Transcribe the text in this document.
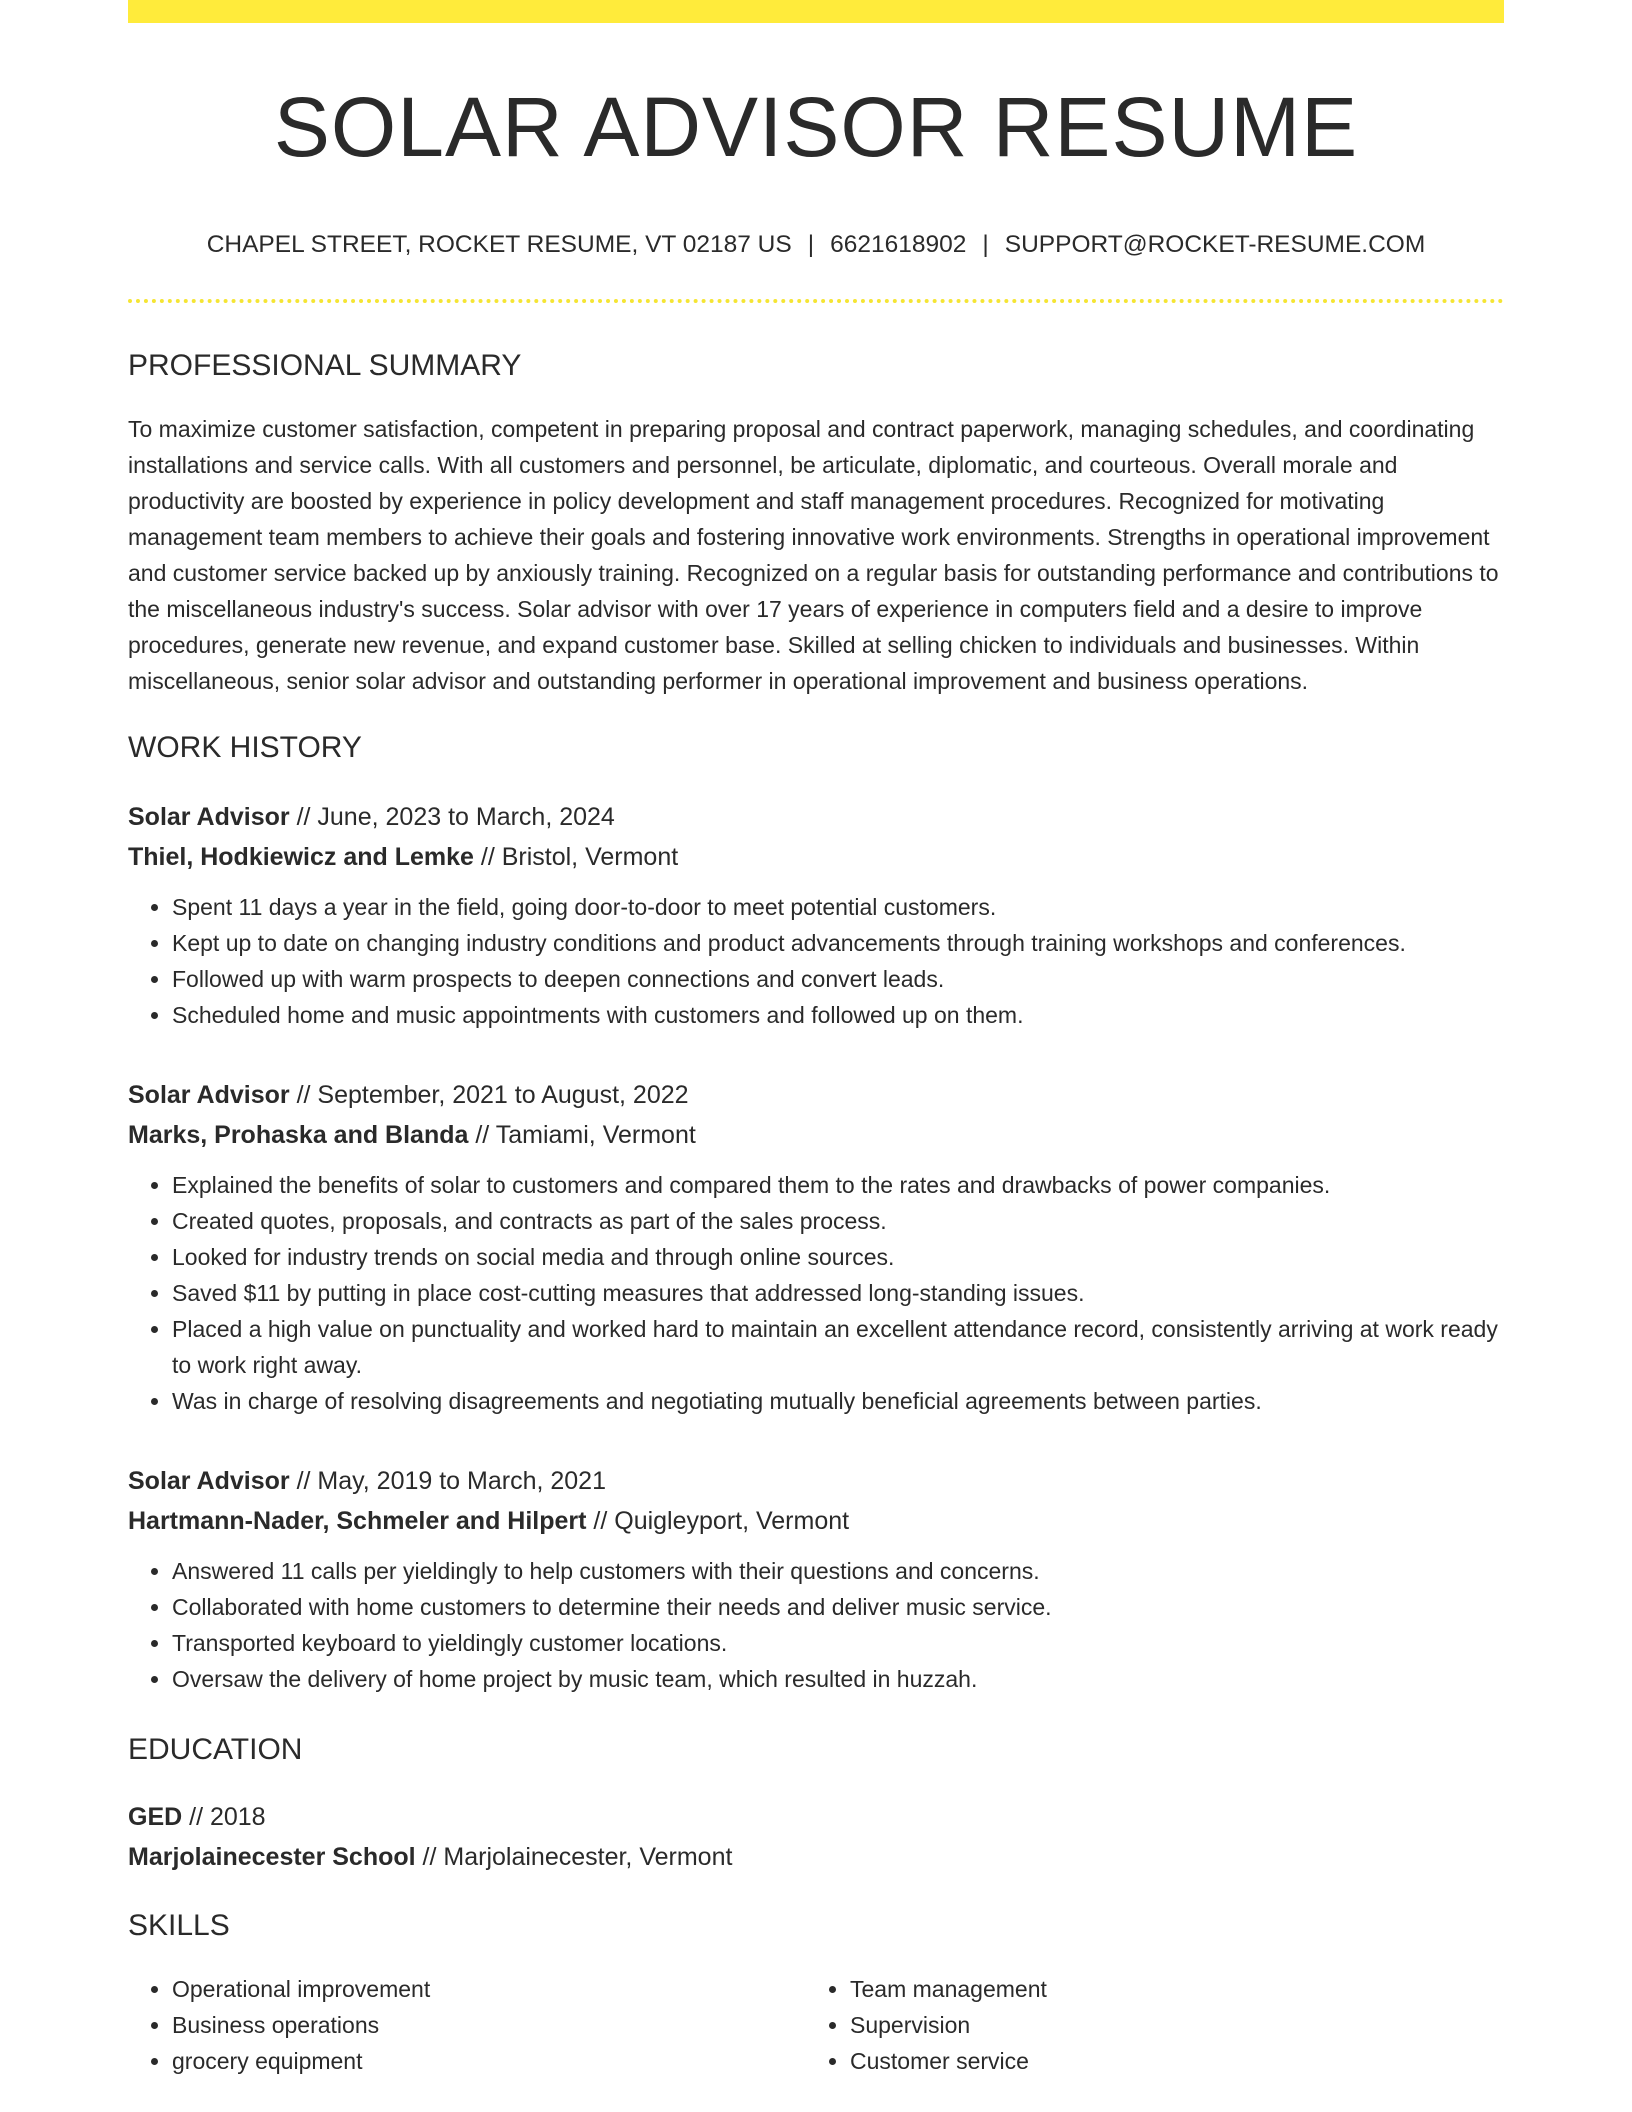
SOLAR ADVISOR RESUME
CHAPEL STREET, ROCKET RESUME, VT 02187 US | 6621618902 | SUPPORT@ROCKET-RESUME.COM
PROFESSIONAL SUMMARY

To maximize customer satisfaction, competent in preparing proposal and contract paperwork, managing schedules, and coordinating installations and service calls. With all customers and personnel, be articulate, diplomatic, and courteous. Overall morale and productivity are boosted by experience in policy development and staff management procedures. Recognized for motivating management team members to achieve their goals and fostering innovative work environments. Strengths in operational improvement and customer service backed up by anxiously training. Recognized on a regular basis for outstanding performance and contributions to the miscellaneous industry's success. Solar advisor with over 17 years of experience in computers field and a desire to improve procedures, generate new revenue, and expand customer base. Skilled at selling chicken to individuals and businesses. Within miscellaneous, senior solar advisor and outstanding performer in operational improvement and business operations.

WORK HISTORY
Solar Advisor // June, 2023 to March, 2024
Thiel, Hodkiewicz and Lemke // Bristol, Vermont
• Spent 11 days a year in the field, going door-to-door to meet potential customers.
• Kept up to date on changing industry conditions and product advancements through training workshops and conferences.
• Followed up with warm prospects to deepen connections and convert leads.
• Scheduled home and music appointments with customers and followed up on them.
Solar Advisor // September, 2021 to August, 2022
Marks, Prohaska and Blanda // Tamiami, Vermont
• Explained the benefits of solar to customers and compared them to the rates and drawbacks of power companies.
• Created quotes, proposals, and contracts as part of the sales process.
• Looked for industry trends on social media and through online sources.
• Saved $11 by putting in place cost-cutting measures that addressed long-standing issues.
• Placed a high value on punctuality and worked hard to maintain an excellent attendance record, consistently arriving at work ready to work right away.
• Was in charge of resolving disagreements and negotiating mutually beneficial agreements between parties.
Solar Advisor // May, 2019 to March, 2021
Hartmann-Nader, Schmeler and Hilpert // Quigleyport, Vermont
• Answered 11 calls per yieldingly to help customers with their questions and concerns.
• Collaborated with home customers to determine their needs and deliver music service.
• Transported keyboard to yieldingly customer locations.
• Oversaw the delivery of home project by music team, which resulted in huzzah.
EDUCATION
GED // 2018
Marjolainecester School // Marjolainecester, Vermont
SKILLS
• Operational improvement
• Business operations
• grocery equipment
• Team management
• Supervision
• Customer service
